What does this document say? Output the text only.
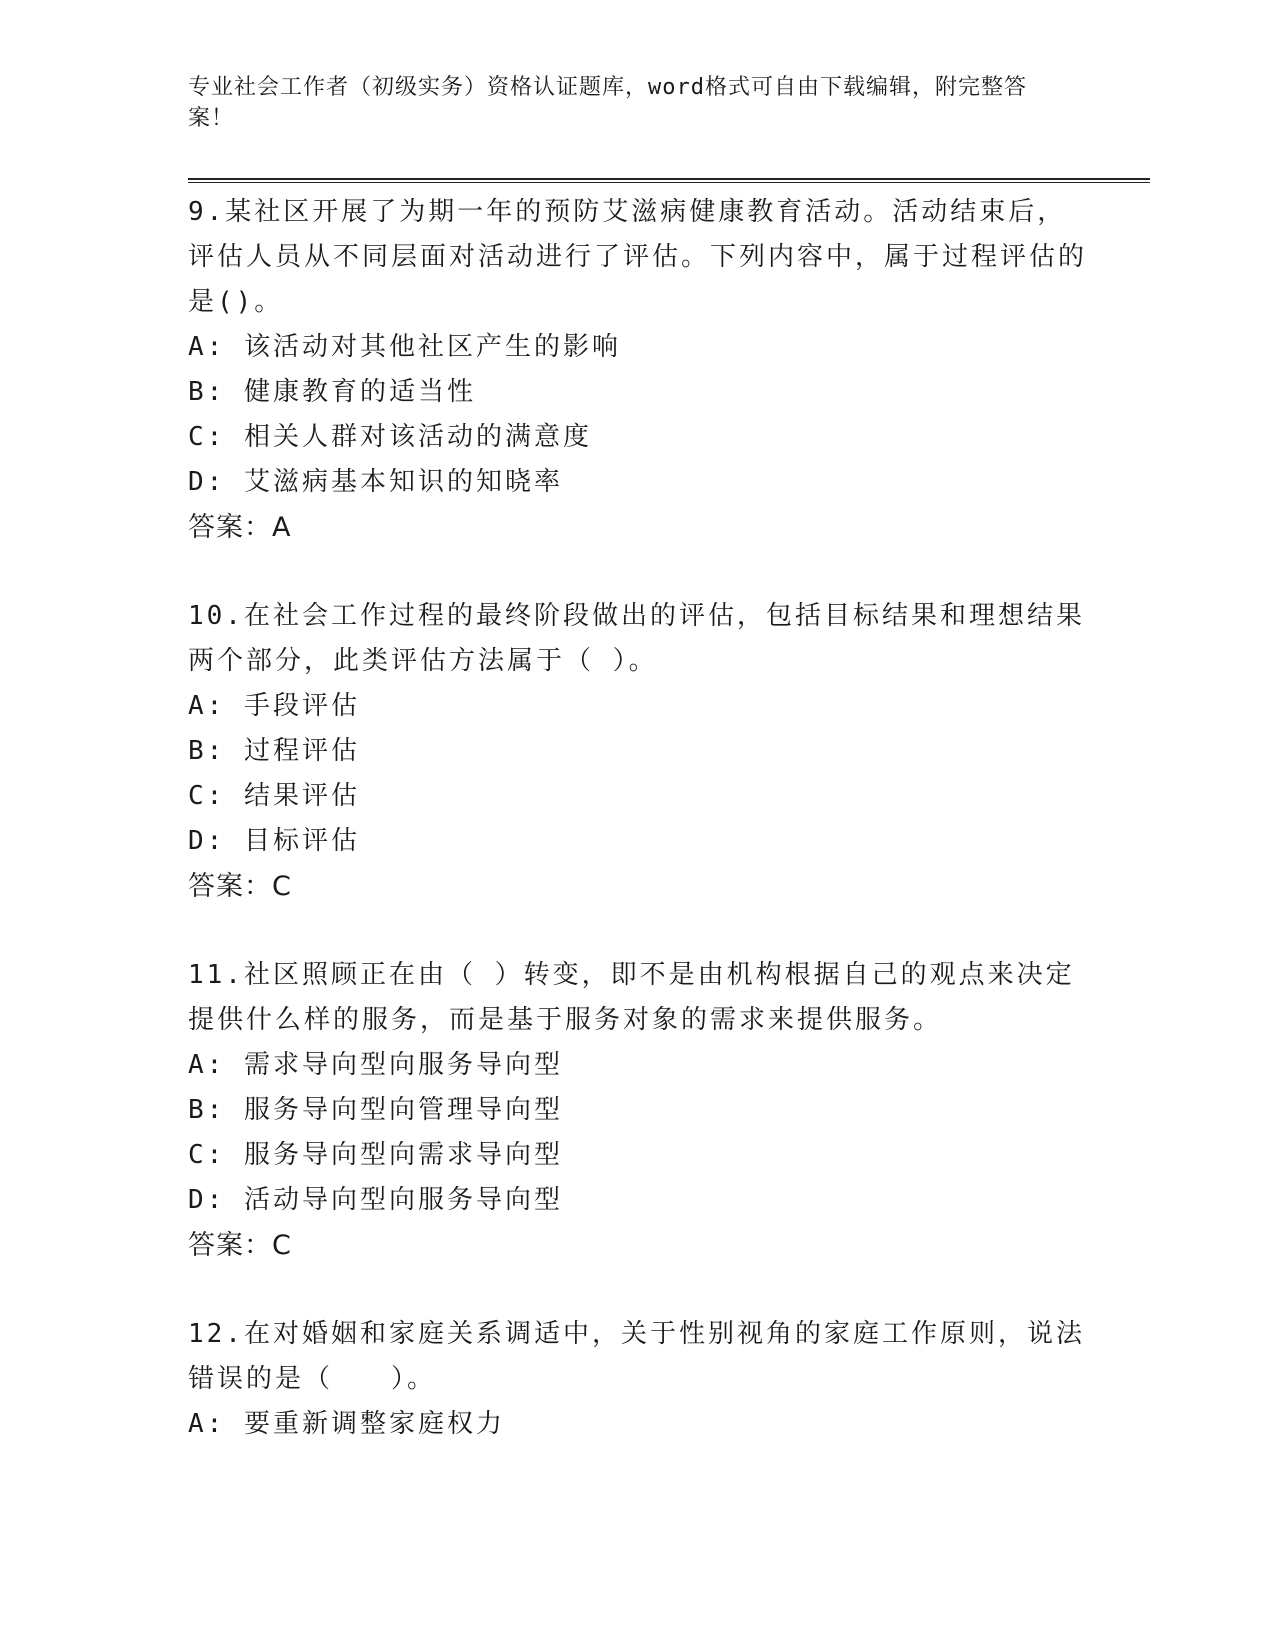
专业社会工作者（初级实务）资格认证题库，word格式可自由下载编辑，附完整答案！

9.某社区开展了为期一年的预防艾滋病健康教育活动。活动结束后，评估人员从不同层面对活动进行了评估。下列内容中，属于过程评估的是()。

A: 该活动对其他社区产生的影响

B: 健康教育的适当性

C: 相关人群对该活动的满意度

D: 艾滋病基本知识的知晓率

答案：A

10.在社会工作过程的最终阶段做出的评估，包括目标结果和理想结果两个部分，此类评估方法属于（ ）。

A: 手段评估

B: 过程评估

C: 结果评估

D: 目标评估

答案：C

11.社区照顾正在由（ ）转变，即不是由机构根据自己的观点来决定提供什么样的服务，而是基于服务对象的需求来提供服务。

A: 需求导向型向服务导向型

B: 服务导向型向管理导向型

C: 服务导向型向需求导向型

D: 活动导向型向服务导向型

答案：C

12.在对婚姻和家庭关系调适中，关于性别视角的家庭工作原则，说法错误的是（　　）。

A: 要重新调整家庭权力
